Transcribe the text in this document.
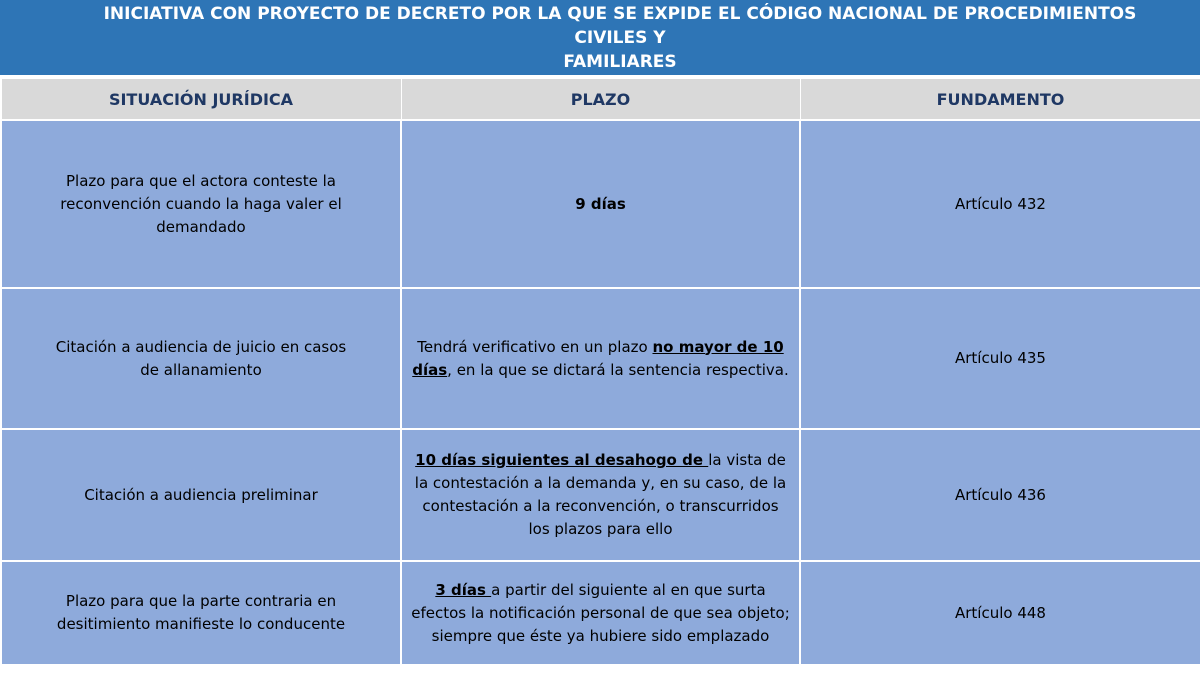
INICIATIVA CON PROYECTO DE DECRETO POR LA QUE SE EXPIDE EL CÓDIGO NACIONAL DE PROCEDIMIENTOS CIVILES Y
FAMILIARES
SITUACIÓN JURÍDICA	PLAZO	FUNDAMENTO
Plazo para que el actora conteste la reconvención cuando la haga valer el demandado	9 días	Artículo 432
Citación a audiencia de juicio en casos de allanamiento	Tendrá verificativo en un plazo no mayor de 10 días, en la que se dictará la sentencia respectiva.	Artículo 435
Citación a audiencia preliminar	10 días siguientes al desahogo de la vista de la contestación a la demanda y, en su caso, de la contestación a la reconvención, o transcurridos los plazos para ello	Artículo 436
Plazo para que la parte contraria en desitimiento manifieste lo conducente	3 días a partir del siguiente al en que surta efectos la notificación personal de que sea objeto; siempre que éste ya hubiere sido emplazado	Artículo 448
